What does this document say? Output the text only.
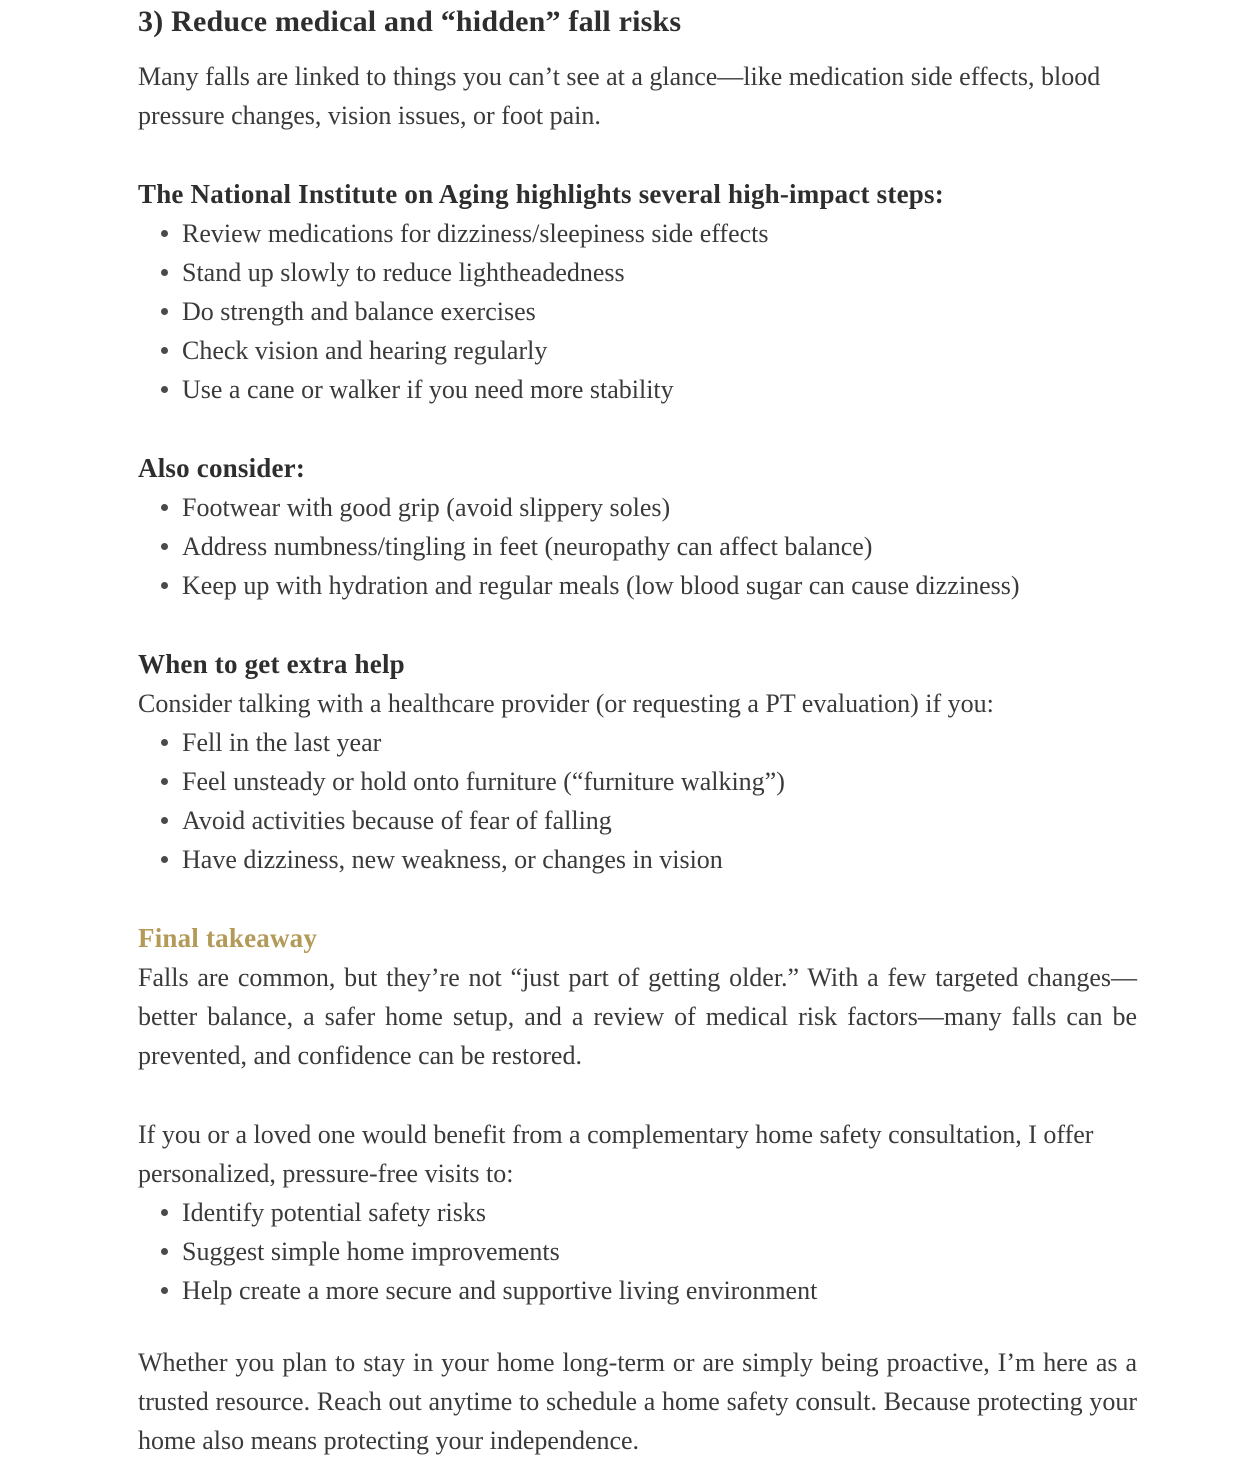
3) Reduce medical and “hidden” fall risks

Many falls are linked to things you can’t see at a glance—like medication side effects, blood pressure changes, vision issues, or foot pain.

The National Institute on Aging highlights several high-impact steps:
Review medications for dizziness/sleepiness side effects
Stand up slowly to reduce lightheadedness
Do strength and balance exercises
Check vision and hearing regularly
Use a cane or walker if you need more stability
Also consider:
Footwear with good grip (avoid slippery soles)
Address numbness/tingling in feet (neuropathy can affect balance)
Keep up with hydration and regular meals (low blood sugar can cause dizziness)
When to get extra help

Consider talking with a healthcare provider (or requesting a PT evaluation) if you:

Fell in the last year
Feel unsteady or hold onto furniture (“furniture walking”)
Avoid activities because of fear of falling
Have dizziness, new weakness, or changes in vision
Final takeaway

Falls are common, but they’re not “just part of getting older.” With a few targeted changes—better balance, a safer home setup, and a review of medical risk factors—many falls can be prevented, and confidence can be restored.

If you or a loved one would benefit from a complementary home safety consultation, I offer personalized, pressure-free visits to:

Identify potential safety risks
Suggest simple home improvements
Help create a more secure and supportive living environment

Whether you plan to stay in your home long-term or are simply being proactive, I’m here as a trusted resource. Reach out anytime to schedule a home safety consult. Because protecting your home also means protecting your independence.
